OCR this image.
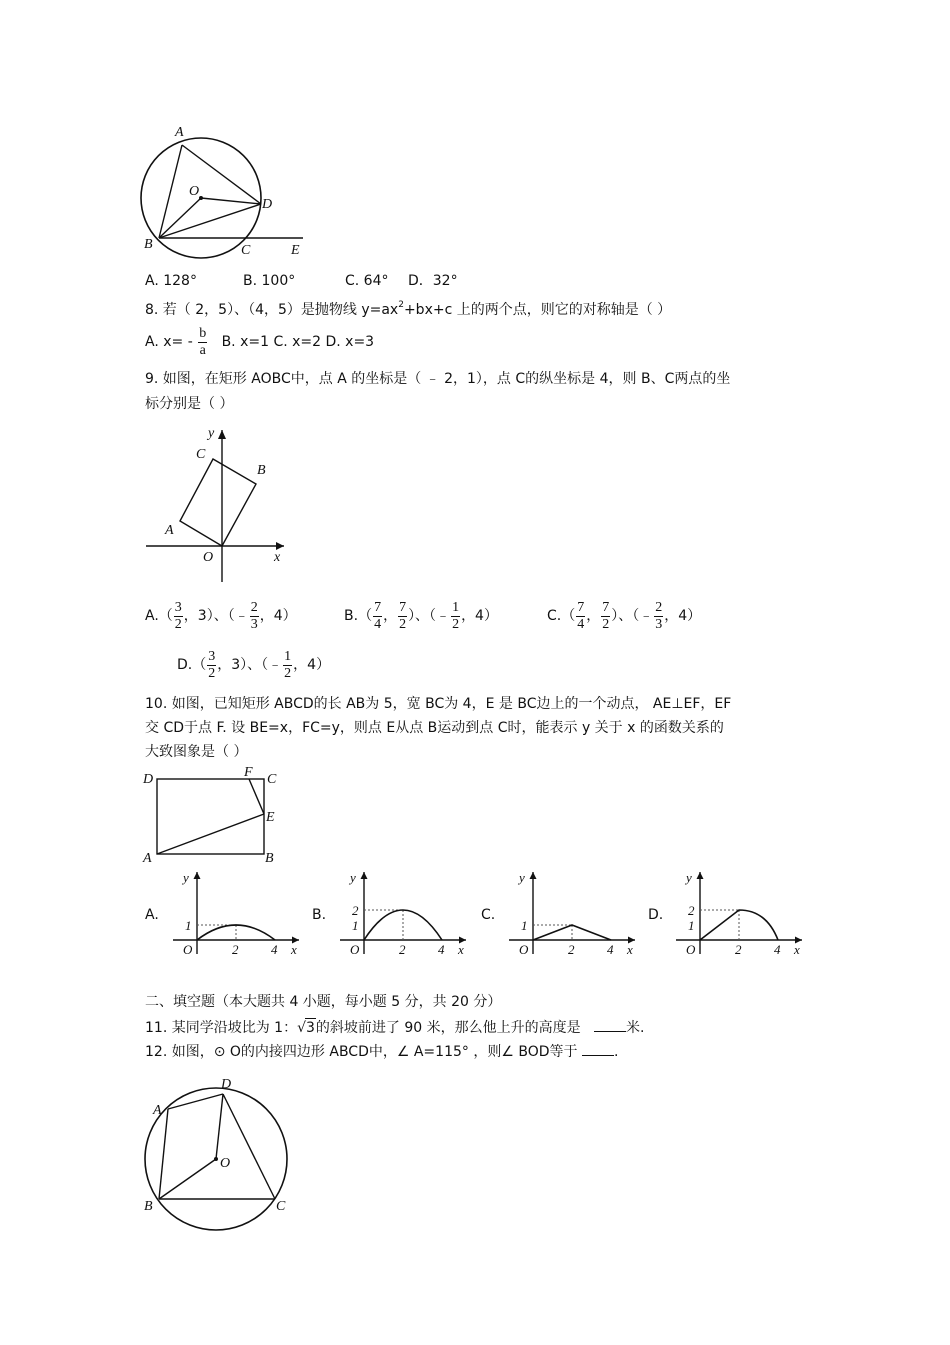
A
O
D
B	C	E
A. 128°	B. 100°	C. 64° D．32°
8. 若（ 2，5）、（4，5）是抛物线 $y=ax^2+bx+c$ 上的两个点，则它的对称轴是（ ）
A. $x= - \frac{b}{a} B$. x=1 C. x=2 D. x=3
9. 如图，在矩形 AOBC中，点 A 的坐标是（ ﹣ 2，1），点 C的纵坐标是 4，则 B、C两点的坐
标分别是（ ）
y
C
B
A
O	x
$A.( \frac{3}{2}$ ，3）、（﹣ $\frac{2}{3}$ ，4）	$B.( \frac{7}{4}$ ， $\frac{7}{2}$ ）、（﹣ $\frac{1}{2}$ ，4）	$C.( \frac{7}{4}$ ， $\frac{7}{2}$ ）、（﹣ $\frac{2}{3}$ ，4）
$D.( \frac{3}{2}$ ，3）、（﹣ $\frac{1}{2}$ ，4）
10. 如图，已知矩形 ABCD的长 AB为 5，宽 BC为 4，E 是 BC边上的一个动点， AE⊥EF，EF
交 CD于点 F. 设 BE=x，FC=y，则点 E从点 B运动到点 C时，能表示 y 关于 x 的函数关系的
大致图象是（ ）
D	F C
E
A	B
A.
y
x
O
1
2	4
B.
y
x
O
1
2
2	4
C.
y
x
O
1
2	4
D.
y
x
O
1
2
2	4
二、填空题（本大题共 4 小题，每小题 5 分，共 20 分）
11. 某同学沿坡比为 1：√3的斜坡前进了 90 米，那么他上升的高度是	米.
12. 如图，⊙ O的内接四边形 ABCD中，∠ A=115° ，则∠ BOD等于	.
D
A
O
B	C
